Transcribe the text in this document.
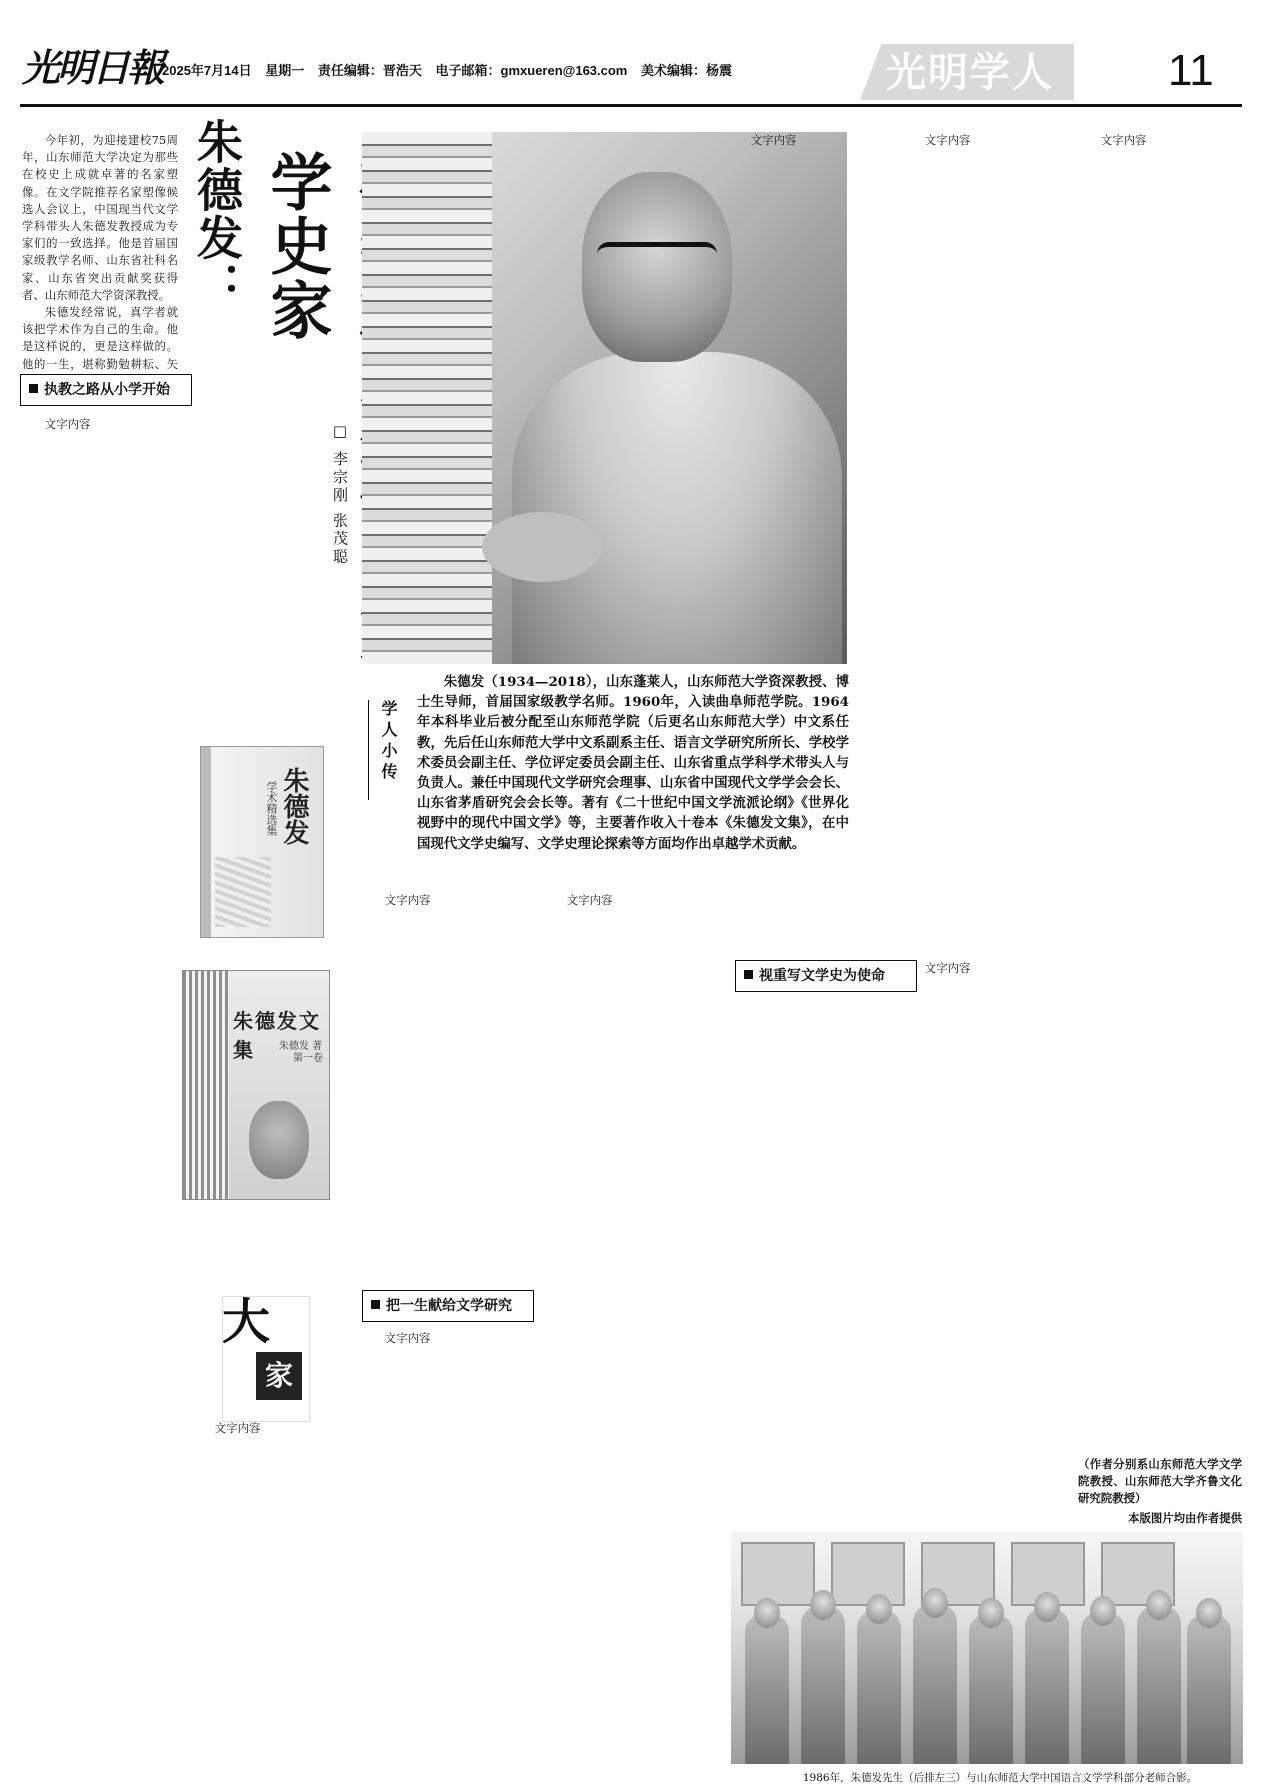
光明日報 2025年7月14日 星期一 责任编辑：晋浩天 电子邮箱：gmxueren@163.com 美术编辑：杨震	光明学人	11

今年初，为迎接建校75周年，山东师范大学决定为那些在校史上成就卓著的名家塑像。在文学院推荐名家塑像候选人会议上，中国现当代文学学科带头人朱德发教授成为专家们的一致选择。他是首届国家级教学名师、山东省社科名家、山东省突出贡献奖获得者、山东师范大学资深教授。

朱德发经常说，真学者就该把学术作为自己的生命。他是这样说的，更是这样做的。他的一生，堪称勤勉耕耘、矢

执教之路从小学开始

文字内容

朱德发： 学史家
□ 李宗刚 张茂聪
学人小传
朱德发（1934—2018），山东蓬莱人，山东师范大学资深教授、博士生导师，首届国家级教学名师。1960年，入读曲阜师范学院。1964年本科毕业后被分配至山东师范学院（后更名山东师范大学）中文系任教，先后任山东师范大学中文系副系主任、语言文学研究所所长、学校学术委员会副主任、学位评定委员会副主任、山东省重点学科学术带头人与负责人。兼任中国现代文学研究会理事、山东省中国现代文学学会会长、山东省茅盾研究会会长等。著有《二十世纪中国文学流派论纲》《世界化视野中的现代中国文学》等，主要著作收入十卷本《朱德发文集》，在中国现代文学史编写、文学史理论探索等方面均作出卓越学术贡献。
朱德发
学术精选集
朱德发文集	朱德发 著
第一卷
大
家

文字内容

文字内容

把一生献给文学研究

文字内容

文字内容

文字内容	文字内容

视重写文学史为使命	文字内容

文字内容

（作者分别系山东师范大学文学院教授、山东师范大学齐鲁文化研究院教授）
本版图片均由作者提供
1986年，朱德发先生（后排左三）与山东师范大学中国语言文学学科部分老师合影。
